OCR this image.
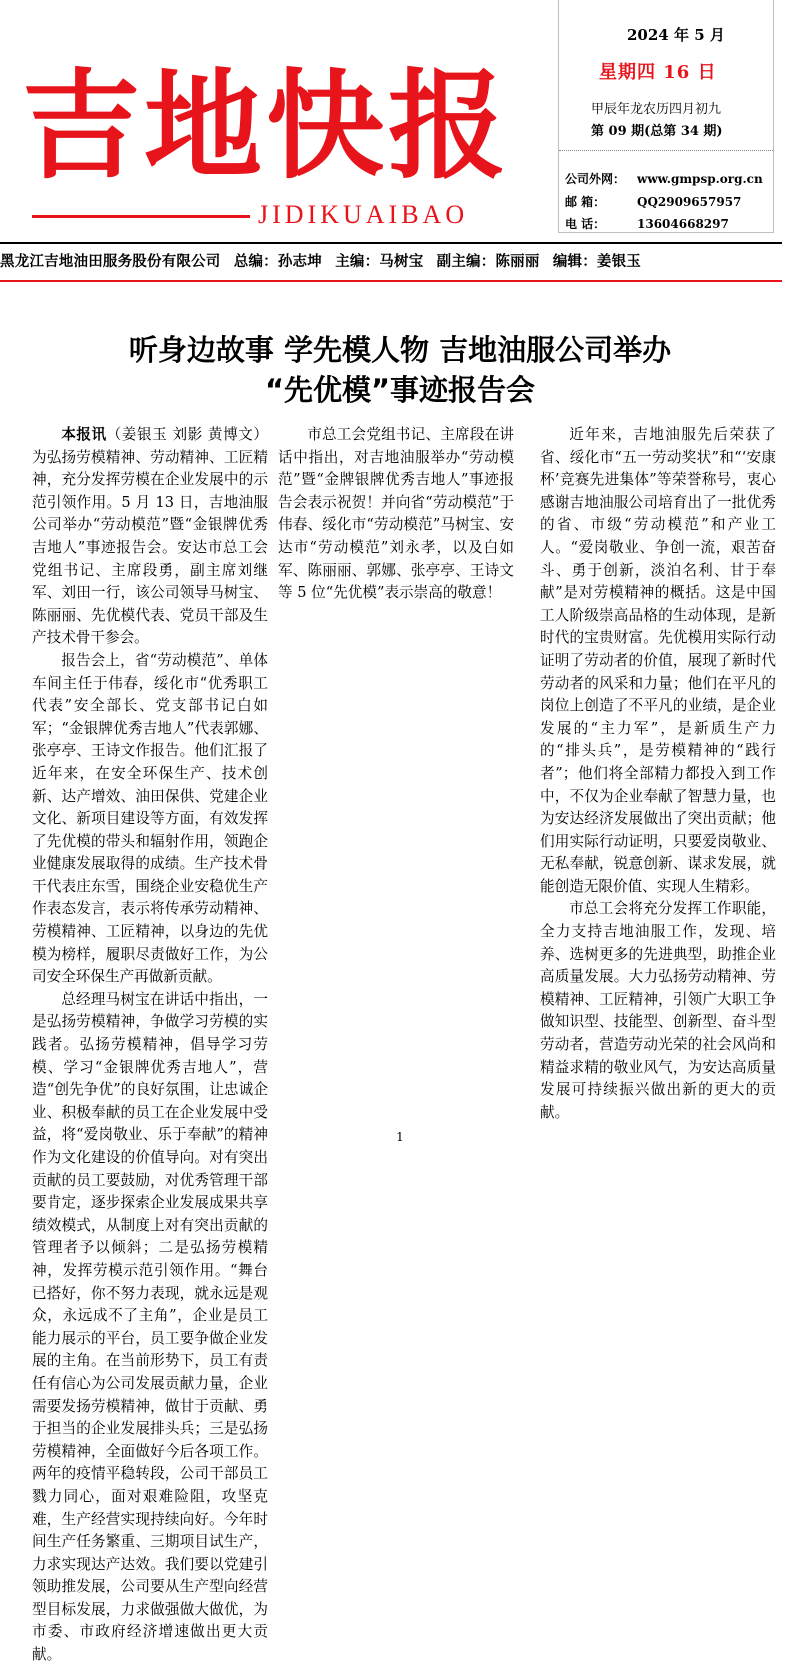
吉地快报
JIDIKUAIBAO
2024 年 5 月
星期四 16 日
甲辰年龙农历四月初九
第 09 期(总第 34 期)
公司外网： www.gmpsp.org.cn
邮 箱：	QQ2909657957
电 话：	13604668297
黑龙江吉地油田服务股份有限公司 总编：孙志坤 主编：马树宝 副主编：陈丽丽 编辑：姜银玉
听身边故事 学先模人物 吉地油服公司举办
“先优模”事迹报告会

本报讯（姜银玉 刘影 黄博文）为弘扬劳模精神、劳动精神、工匠精神，充分发挥劳模在企业发展中的示范引领作用。5 月 13 日，吉地油服公司举办“劳动模范”暨“金银牌优秀吉地人”事迹报告会。安达市总工会党组书记、主席段勇，副主席刘继军、刘田一行，该公司领导马树宝、陈丽丽、先优模代表、党员干部及生产技术骨干参会。

报告会上，省“劳动模范”、单体车间主任于伟春，绥化市“优秀职工代表”安全部长、党支部书记白如军；“金银牌优秀吉地人”代表郭娜、张亭亭、王诗文作报告。他们汇报了近年来，在安全环保生产、技术创新、达产增效、油田保供、党建企业文化、新项目建设等方面，有效发挥了先优模的带头和辐射作用，领跑企业健康发展取得的成绩。生产技术骨干代表庄东雪，围绕企业安稳优生产作表态发言，表示将传承劳动精神、劳模精神、工匠精神，以身边的先优模为榜样，履职尽责做好工作，为公司安全环保生产再做新贡献。

总经理马树宝在讲话中指出，一是弘扬劳模精神，争做学习劳模的实践者。弘扬劳模精神，倡导学习劳模、学习“金银牌优秀吉地人”，营造“创先争优”的良好氛围，让忠诚企业、积极奉献的员工在企业发展中受益，将“爱岗敬业、乐于奉献”的精神作为文化建设的价值导向。对有突出贡献的员工要鼓励，对优秀管理干部要肯定，逐步探索企业发展成果共享绩效模式，从制度上对有突出贡献的管理者予以倾斜；二是弘扬劳模精神，发挥劳模示范引领作用。“舞台已搭好，你不努力表现，就永远是观众，永远成不了主角”，企业是员工能力展示的平台，员工要争做企业发展的主角。在当前形势下，员工有责任有信心为公司发展贡献力量，企业需要发扬劳模精神，做甘于贡献、勇于担当的企业发展排头兵；三是弘扬劳模精神，全面做好今后各项工作。两年的疫情平稳转段，公司干部员工戮力同心，面对艰难险阻，攻坚克难，生产经营实现持续向好。今年时间生产任务繁重、三期项目试生产，力求实现达产达效。我们要以党建引领助推发展，公司要从生产型向经营型目标发展，力求做强做大做优，为市委、市政府经济增速做出更大贡献。

市总工会党组书记、主席段在讲话中指出，对吉地油服举办“劳动模范”暨“金牌银牌优秀吉地人”事迹报告会表示祝贺！并向省“劳动模范”于伟春、绥化市“劳动模范”马树宝、安达市“劳动模范”刘永孝，以及白如军、陈丽丽、郭娜、张亭亭、王诗文等 5 位“先优模”表示崇高的敬意！

近年来，吉地油服先后荣获了省、绥化市“五一劳动奖状”和“‘安康杯’竞赛先进集体”等荣誉称号，衷心感谢吉地油服公司培育出了一批优秀的省、市级“劳动模范”和产业工人。“爱岗敬业、争创一流，艰苦奋斗、勇于创新，淡泊名利、甘于奉献”是对劳模精神的概括。这是中国工人阶级崇高品格的生动体现，是新时代的宝贵财富。先优模用实际行动证明了劳动者的价值，展现了新时代劳动者的风采和力量；他们在平凡的岗位上创造了不平凡的业绩，是企业发展的“主力军”，是新质生产力的“排头兵”，是劳模精神的“践行者”；他们将全部精力都投入到工作中，不仅为企业奉献了智慧力量，也为安达经济发展做出了突出贡献；他们用实际行动证明，只要爱岗敬业、无私奉献，锐意创新、谋求发展，就能创造无限价值、实现人生精彩。

市总工会将充分发挥工作职能，全力支持吉地油服工作，发现、培养、选树更多的先进典型，助推企业高质量发展。大力弘扬劳动精神、劳模精神、工匠精神，引领广大职工争做知识型、技能型、创新型、奋斗型劳动者，营造劳动光荣的社会风尚和精益求精的敬业风气，为安达高质量发展可持续振兴做出新的更大的贡献。

1
